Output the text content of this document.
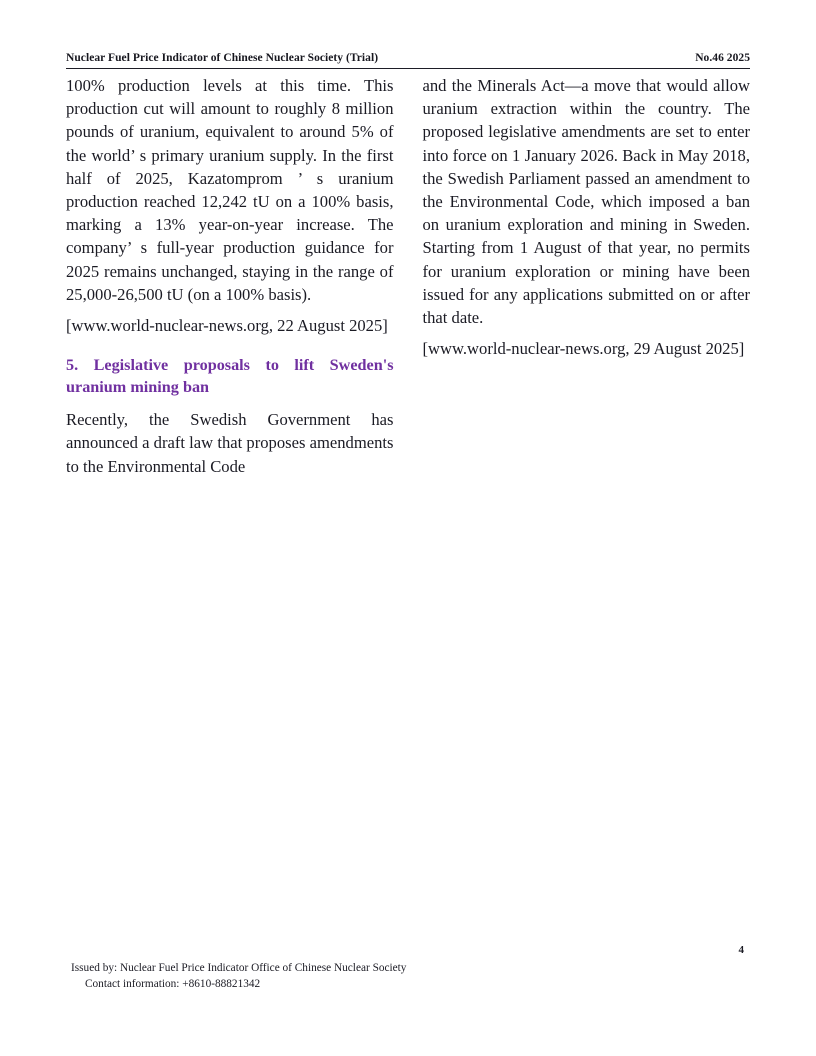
Nuclear Fuel Price Indicator of Chinese Nuclear Society (Trial)	No.46 2025

100% production levels at this time. This production cut will amount to roughly 8 million pounds of uranium, equivalent to around 5% of the world’ s primary uranium supply. In the first half of 2025, Kazatomprom ’ s uranium production reached 12,242 tU on a 100% basis, marking a 13% year-on-year increase. The company’ s full-year production guidance for 2025 remains unchanged, staying in the range of 25,000-26,500 tU (on a 100% basis).

[www.world-nuclear-news.org, 22 August 2025]

5. Legislative proposals to lift Sweden's uranium mining ban

Recently, the Swedish Government has announced a draft law that proposes amendments to the Environmental Code

and the Minerals Act—a move that would allow uranium extraction within the country. The proposed legislative amendments are set to enter into force on 1 January 2026. Back in May 2018, the Swedish Parliament passed an amendment to the Environmental Code, which imposed a ban on uranium exploration and mining in Sweden. Starting from 1 August of that year, no permits for uranium exploration or mining have been issued for any applications submitted on or after that date.

[www.world-nuclear-news.org, 29 August 2025]

4
Issued by: Nuclear Fuel Price Indicator Office of Chinese Nuclear Society
Contact information: +8610-88821342
